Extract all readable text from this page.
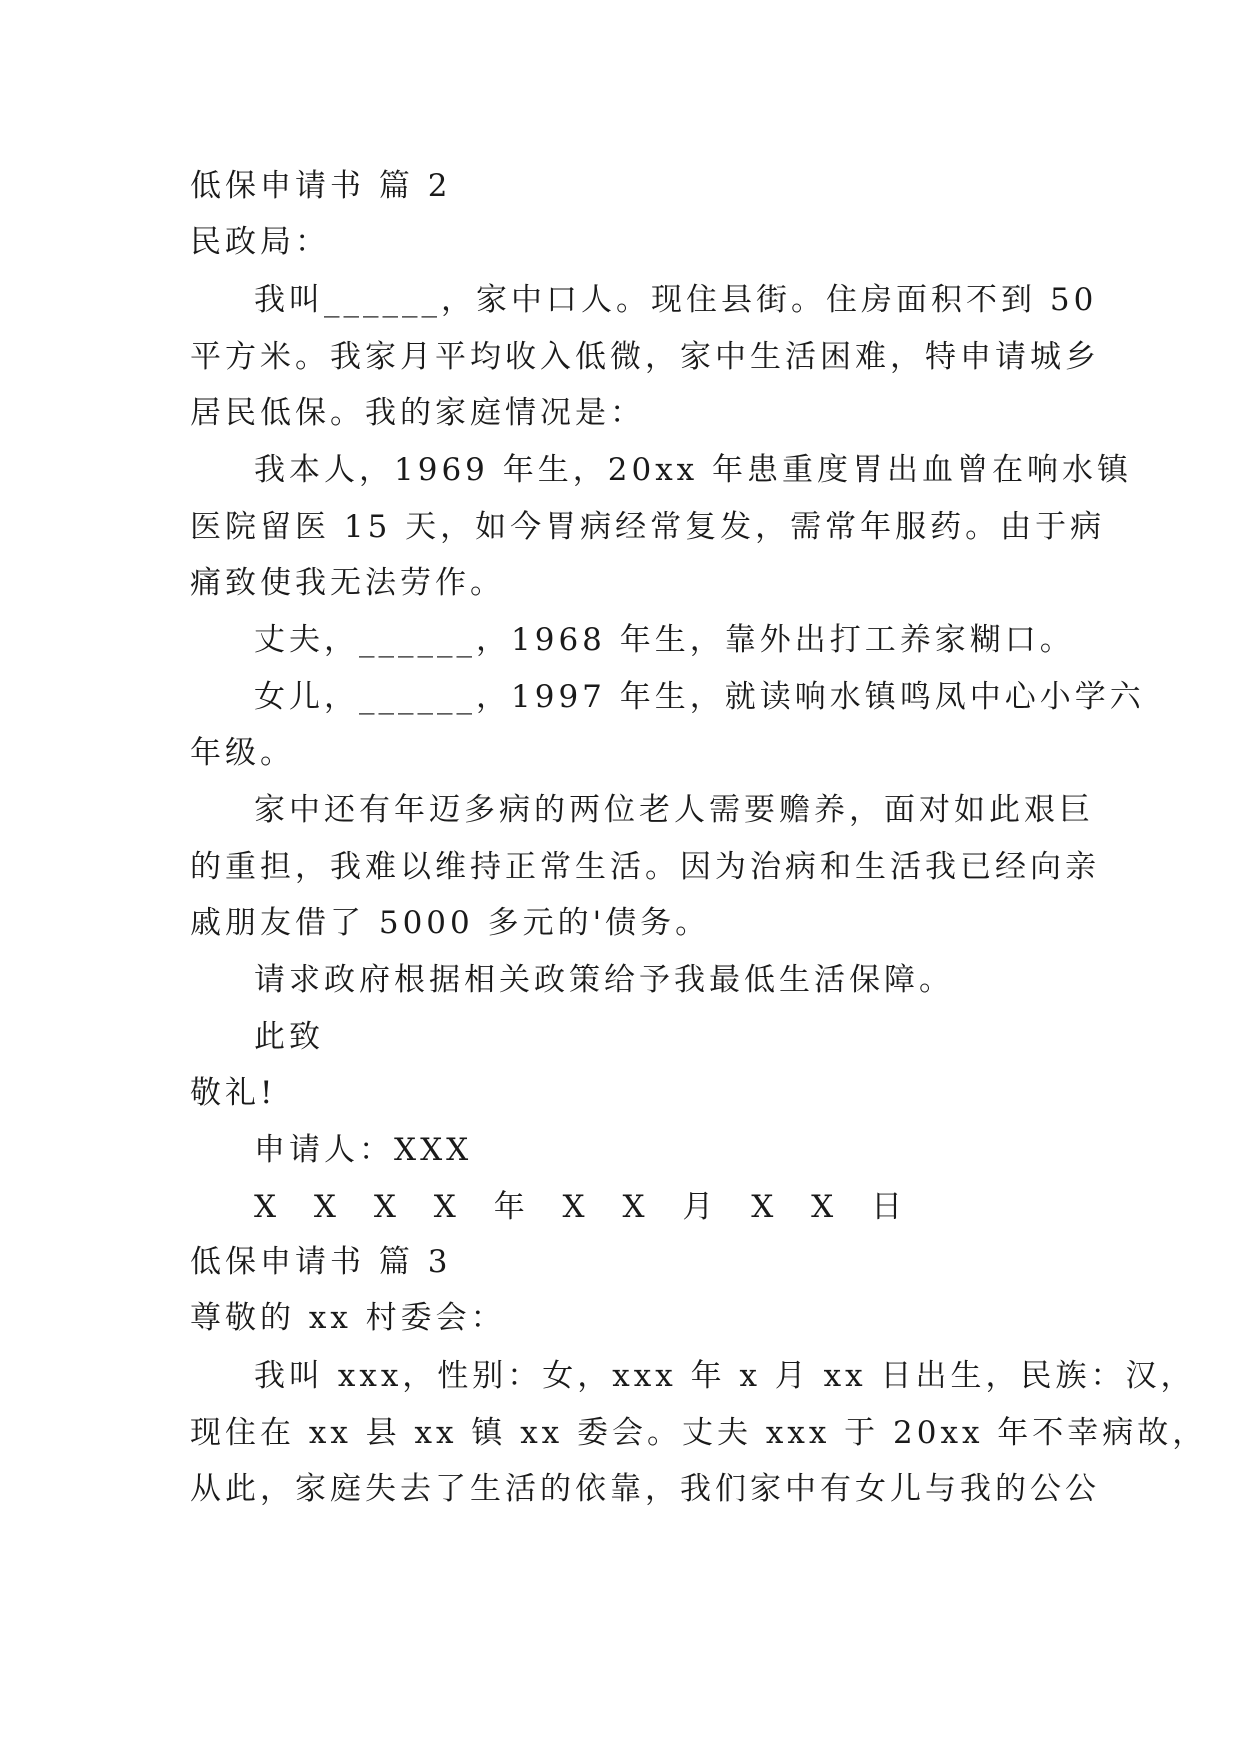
低保申请书 篇 2
民政局：
我叫______，家中口人。现住县街。住房面积不到 50
平方米。我家月平均收入低微，家中生活困难，特申请城乡
居民低保。我的家庭情况是：
我本人，1969 年生，20xx 年患重度胃出血曾在响水镇
医院留医 15 天，如今胃病经常复发，需常年服药。由于病
痛致使我无法劳作。
丈夫，______，1968 年生，靠外出打工养家糊口。
女儿，______，1997 年生，就读响水镇鸣凤中心小学六
年级。
家中还有年迈多病的两位老人需要赡养，面对如此艰巨
的重担，我难以维持正常生活。因为治病和生活我已经向亲
戚朋友借了 5000 多元的'债务。
请求政府根据相关政策给予我最低生活保障。
此致
敬礼!
申请人：XXX
X X X X 年 X X 月 X X 日
低保申请书 篇 3
尊敬的 xx 村委会：
我叫 xxx，性别：女，xxx 年 x 月 xx 日出生，民族：汉，
现住在 xx 县 xx 镇 xx 委会。丈夫 xxx 于 20xx 年不幸病故，
从此，家庭失去了生活的依靠，我们家中有女儿与我的公公
